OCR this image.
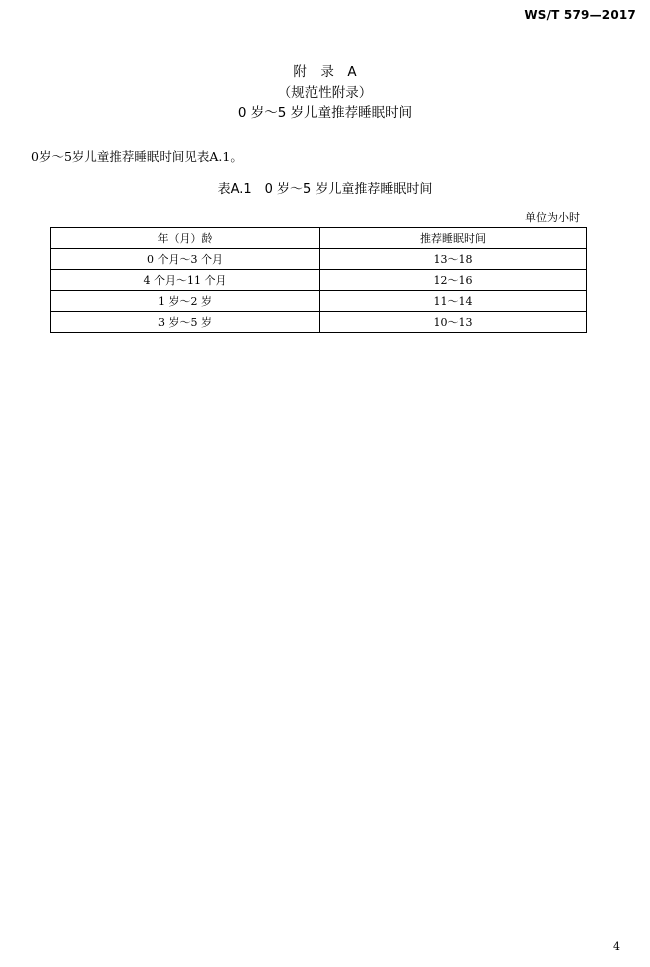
WS/T 579—2017
附　录　A
（规范性附录）
0 岁～5 岁儿童推荐睡眠时间
0岁～5岁儿童推荐睡眠时间见表A.1。
表A.1　0 岁～5 岁儿童推荐睡眠时间
单位为小时
年（月）龄	推荐睡眠时间
0 个月～3 个月	13～18
4 个月～11 个月	12～16
1 岁～2 岁	11～14
3 岁～5 岁	10～13
4
